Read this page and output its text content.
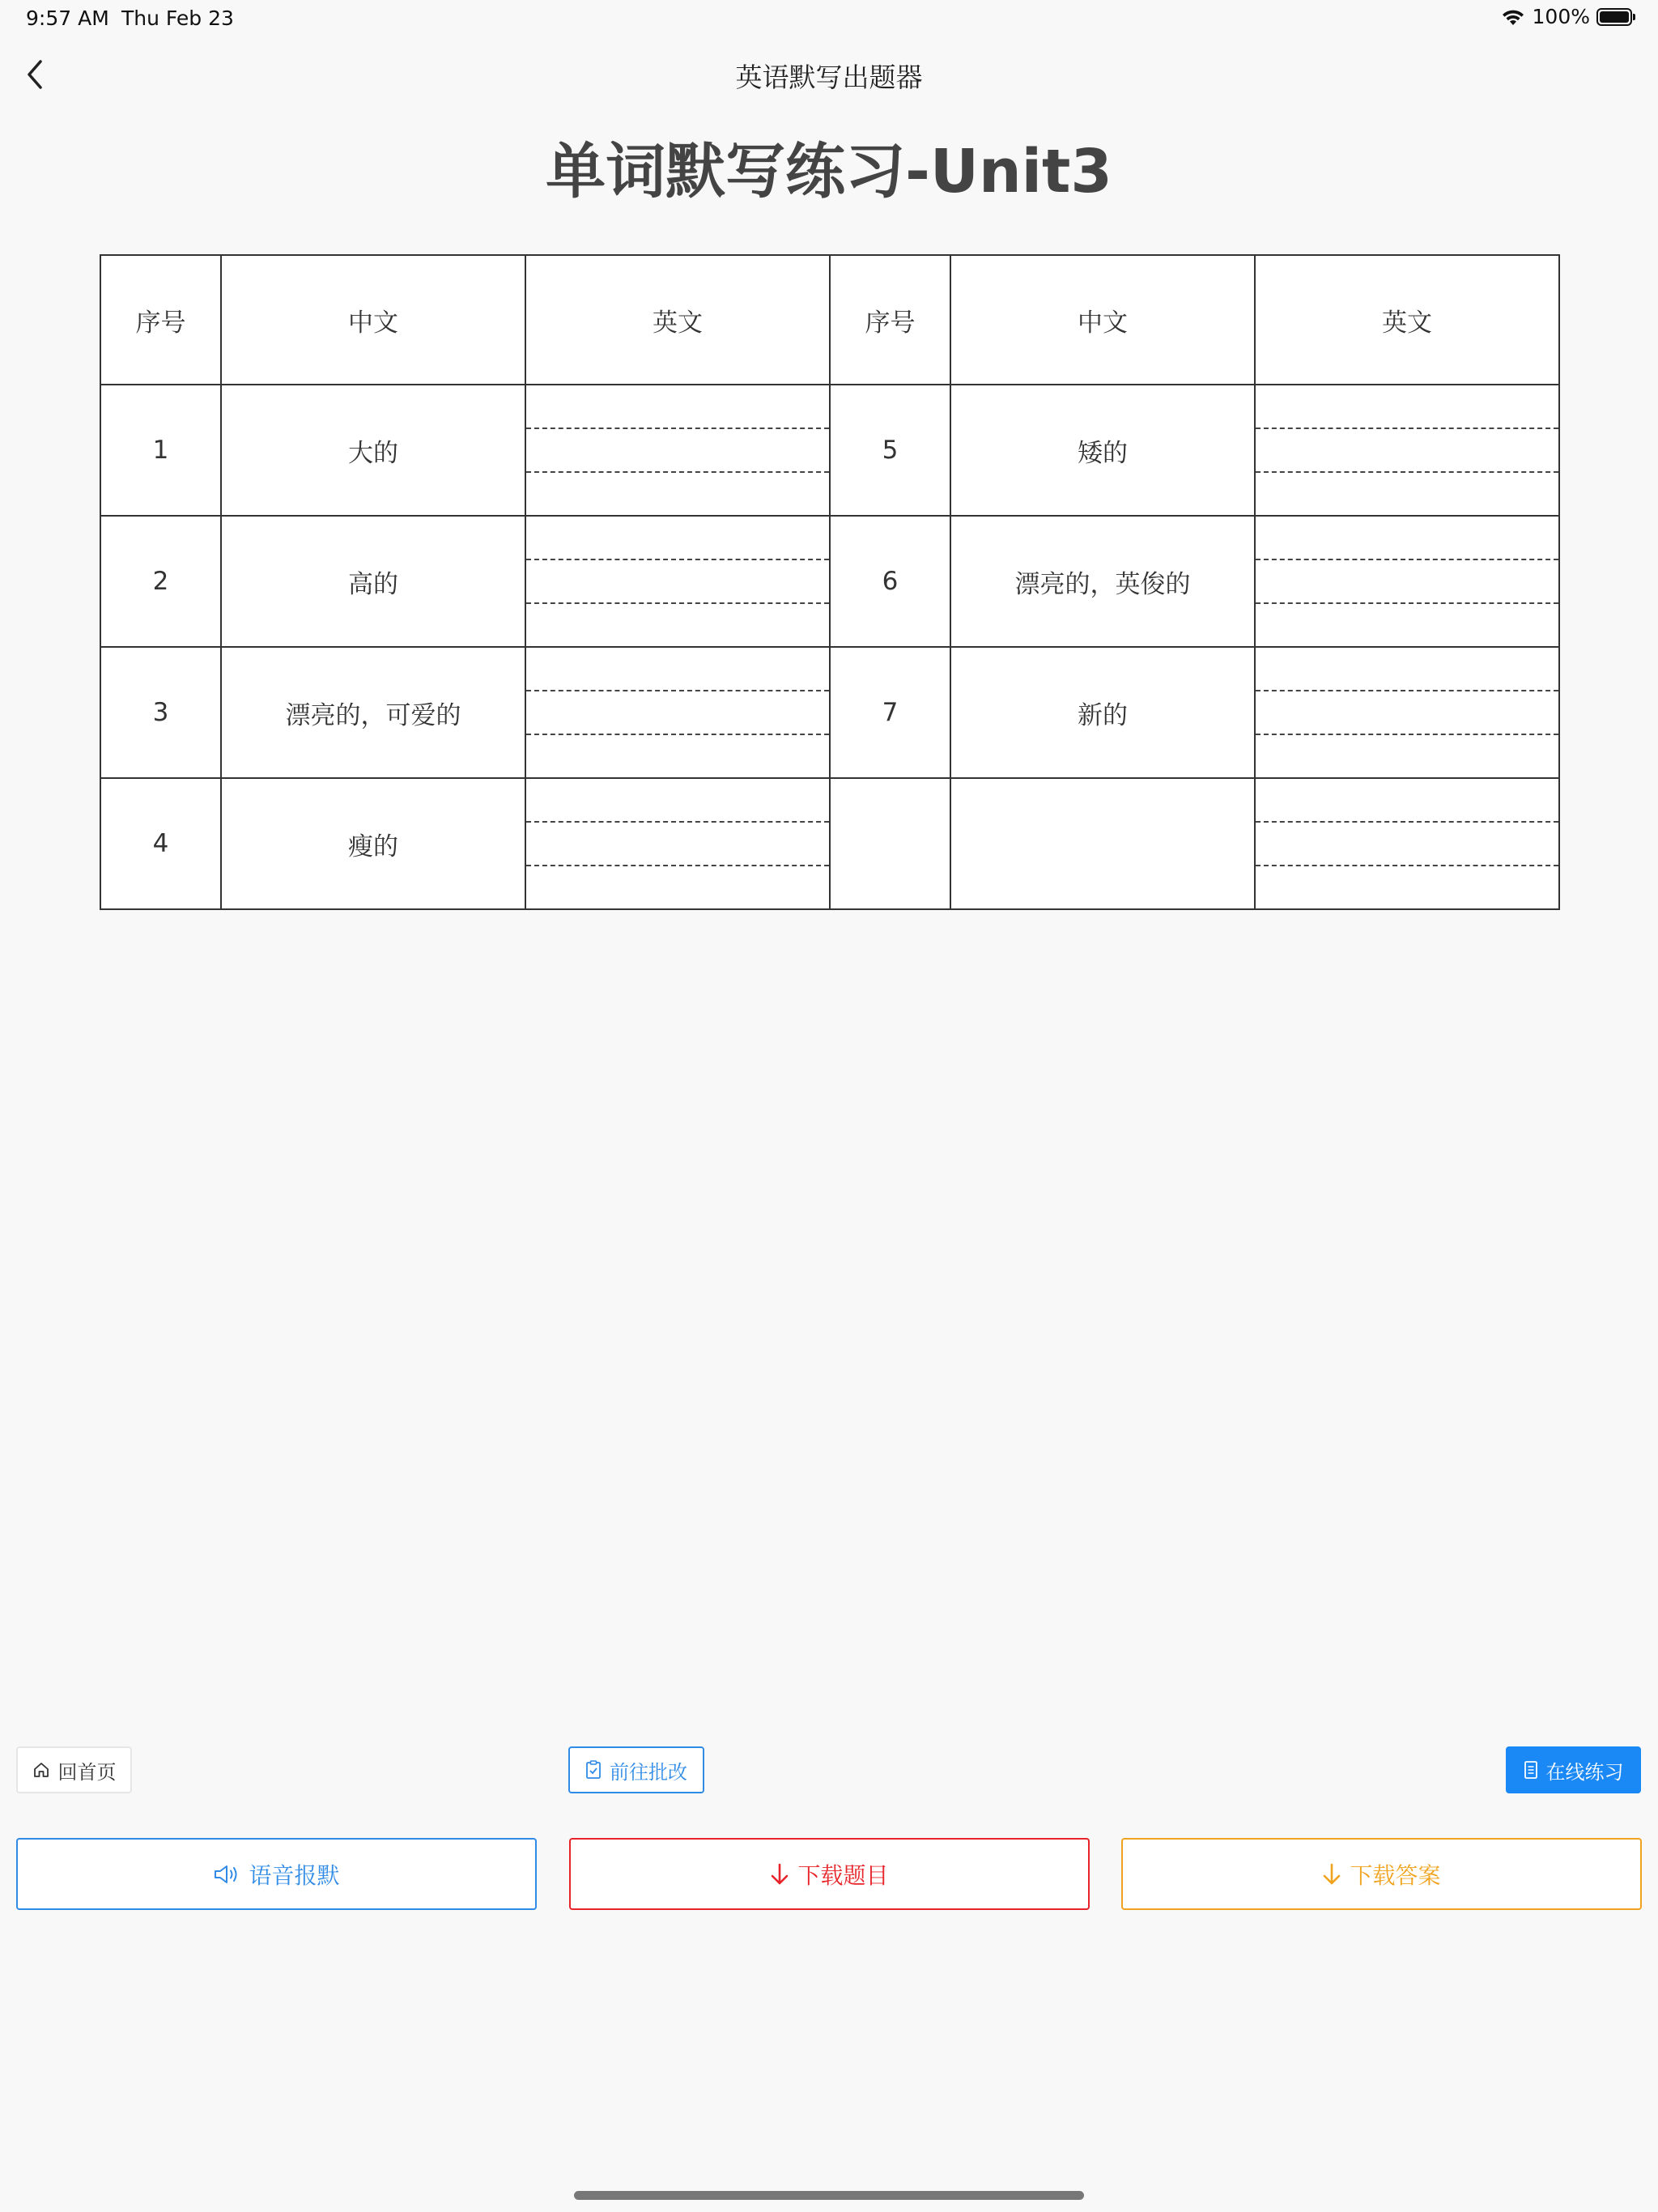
9:57 AM Thu Feb 23	100%
英语默写出题器
单词默写练习-Unit3
序号	中文	英文	序号	中文	英文
1	大的		5	矮的	

2	高的		6	漂亮的，英俊的	

3	漂亮的，可爱的		7	新的	

4	瘦的	

回首页	前往批改	在线练习
语音报默	下载题目	下载答案
